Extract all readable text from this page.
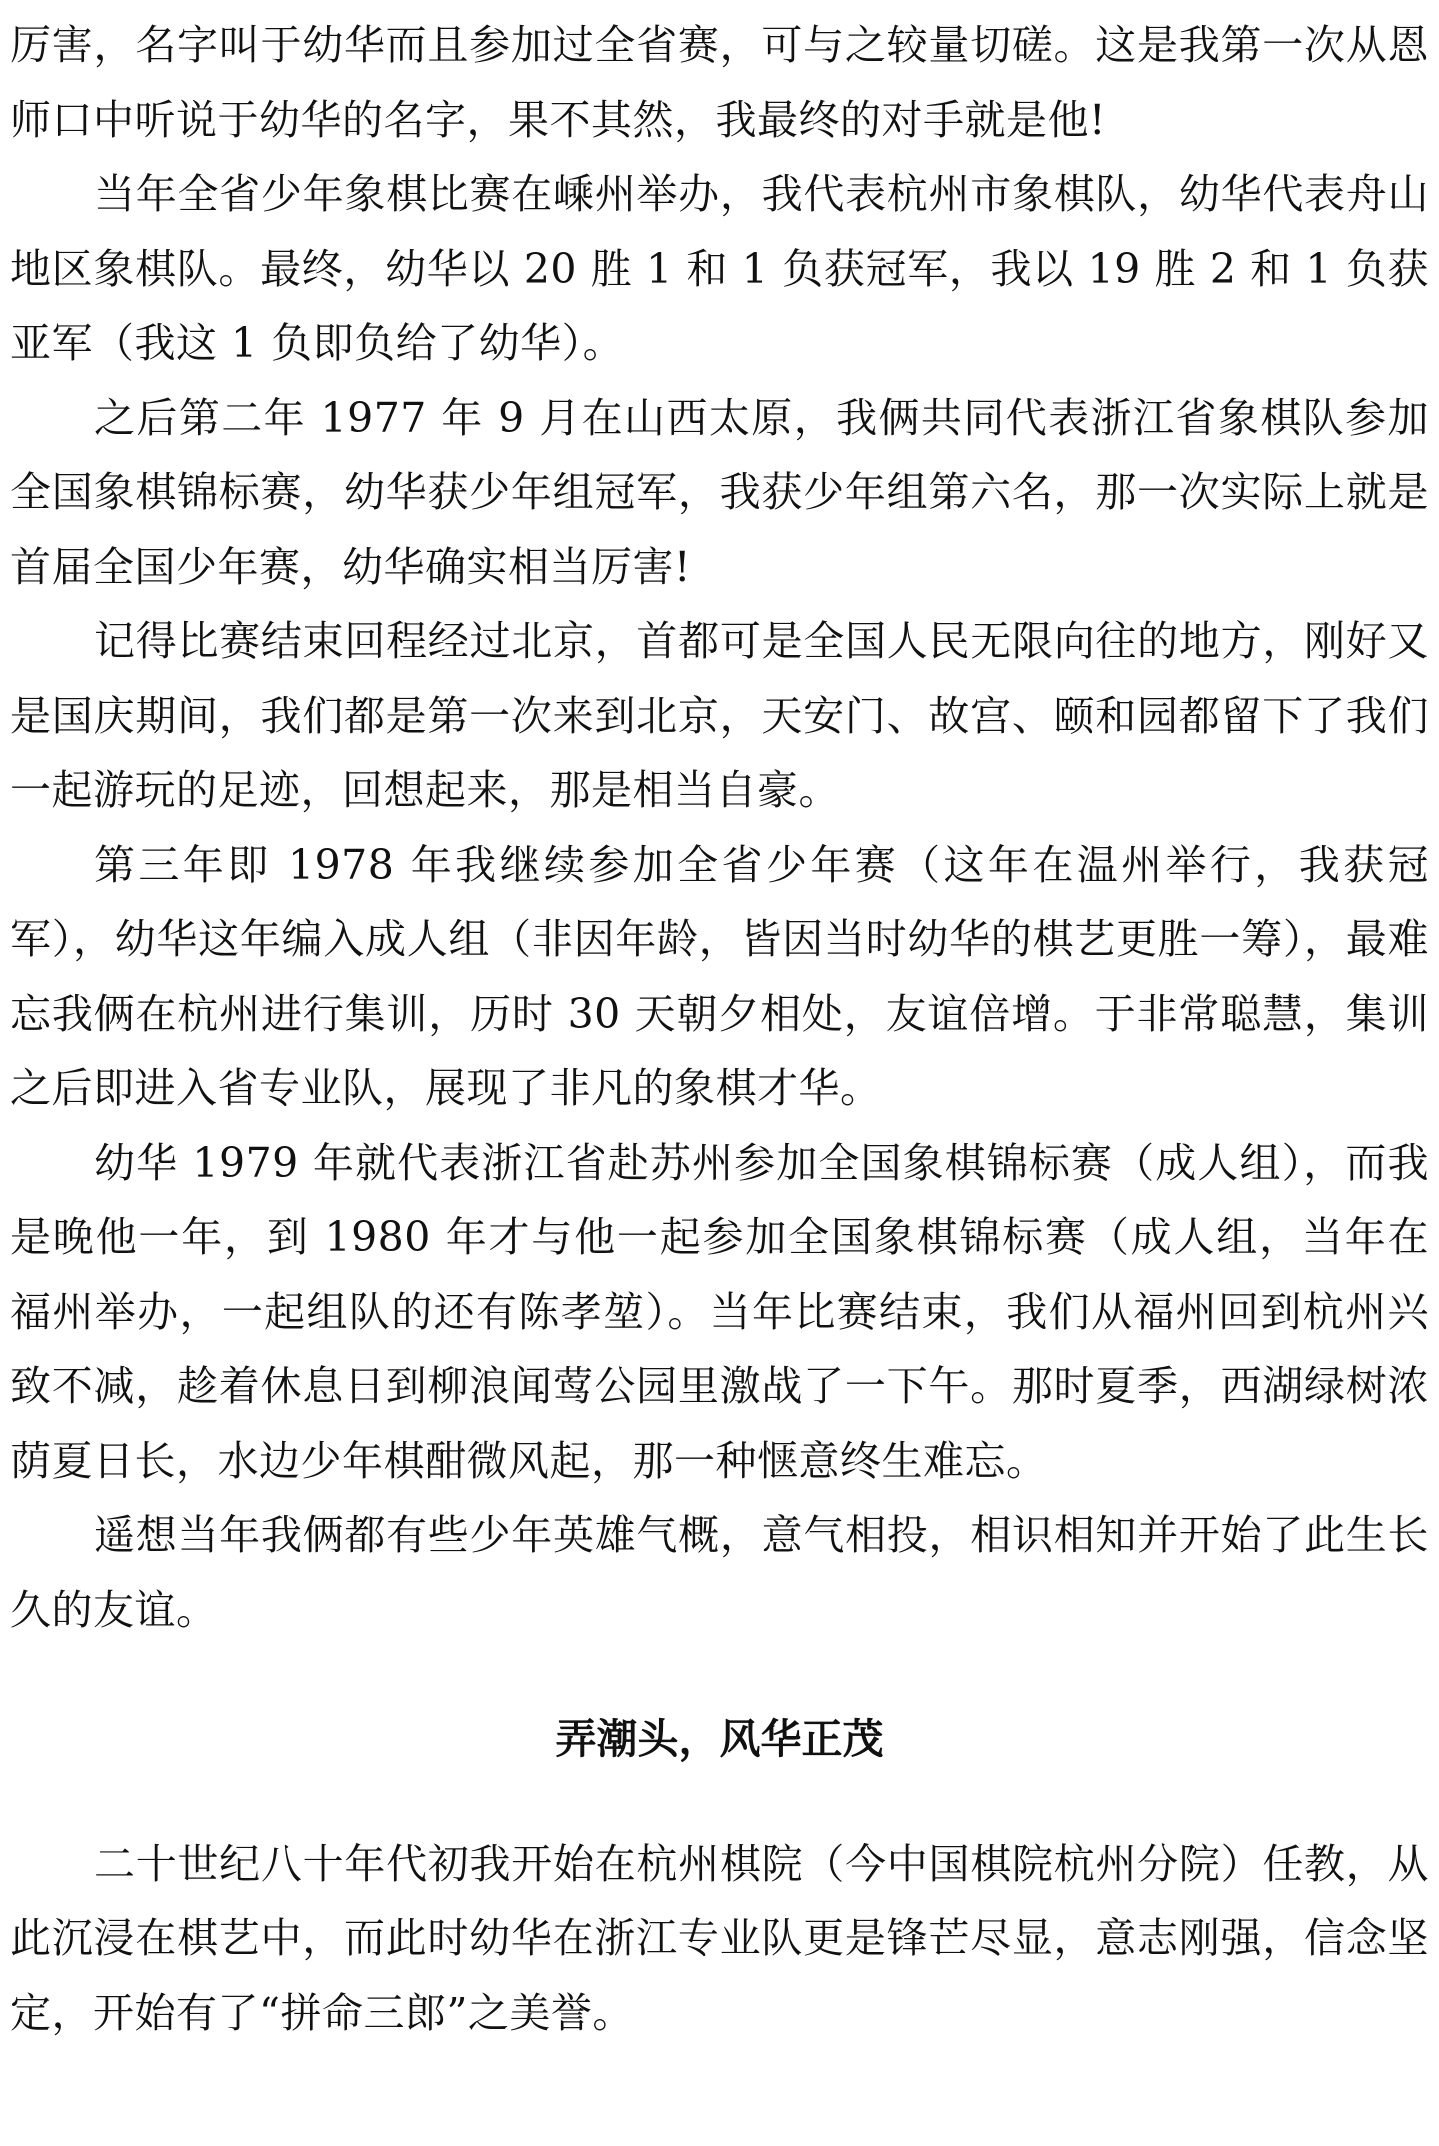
厉害，名字叫于幼华而且参加过全省赛，可与之较量切磋。这是我第一次从恩师口中听说于幼华的名字，果不其然，我最终的对手就是他!

当年全省少年象棋比赛在嵊州举办，我代表杭州市象棋队，幼华代表舟山地区象棋队。最终，幼华以 20 胜 1 和 1 负获冠军，我以 19 胜 2 和 1 负获亚军（我这 1 负即负给了幼华）。

之后第二年 1977 年 9 月在山西太原，我俩共同代表浙江省象棋队参加全国象棋锦标赛，幼华获少年组冠军，我获少年组第六名，那一次实际上就是首届全国少年赛，幼华确实相当厉害!

记得比赛结束回程经过北京，首都可是全国人民无限向往的地方，刚好又是国庆期间，我们都是第一次来到北京，天安门、故宫、颐和园都留下了我们一起游玩的足迹，回想起来，那是相当自豪。

第三年即 1978 年我继续参加全省少年赛（这年在温州举行，我获冠军），幼华这年编入成人组（非因年龄，皆因当时幼华的棋艺更胜一筹），最难忘我俩在杭州进行集训，历时 30 天朝夕相处，友谊倍增。于非常聪慧，集训之后即进入省专业队，展现了非凡的象棋才华。

幼华 1979 年就代表浙江省赴苏州参加全国象棋锦标赛（成人组），而我是晚他一年，到 1980 年才与他一起参加全国象棋锦标赛（成人组，当年在福州举办，一起组队的还有陈孝堃）。当年比赛结束，我们从福州回到杭州兴致不减，趁着休息日到柳浪闻莺公园里激战了一下午。那时夏季，西湖绿树浓荫夏日长，水边少年棋酣微风起，那一种惬意终生难忘。

遥想当年我俩都有些少年英雄气概，意气相投，相识相知并开始了此生长久的友谊。

弄潮头，风华正茂

二十世纪八十年代初我开始在杭州棋院（今中国棋院杭州分院）任教，从此沉浸在棋艺中，而此时幼华在浙江专业队更是锋芒尽显，意志刚强，信念坚定，开始有了“拼命三郎”之美誉。
